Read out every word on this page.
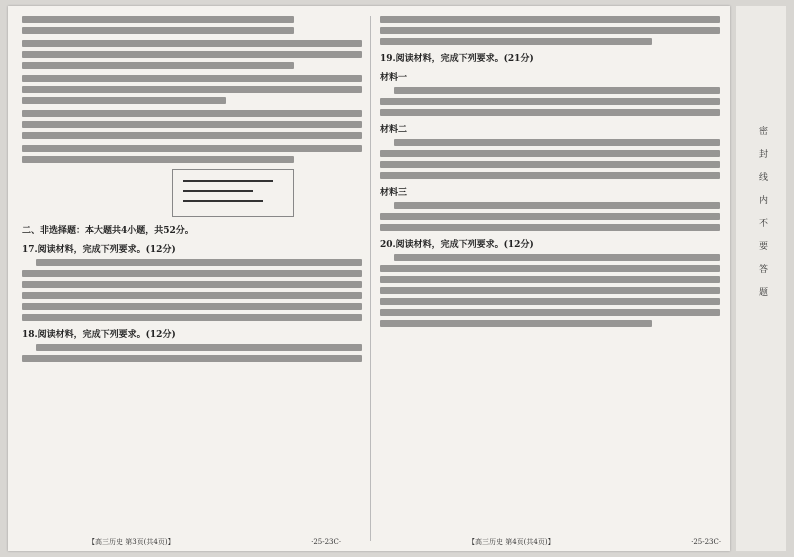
二、非选择题：本大题共4小题，共52分。
17.阅读材料，完成下列要求。(12分)
18.阅读材料，完成下列要求。(12分)
19.阅读材料，完成下列要求。(21分)
材料一
材料二
材料三
20.阅读材料，完成下列要求。(12分)
【高三历史 第3页(共4页)】	·25-23C·	【高三历史 第4页(共4页)】	·25-23C·
密封线内不要答题
